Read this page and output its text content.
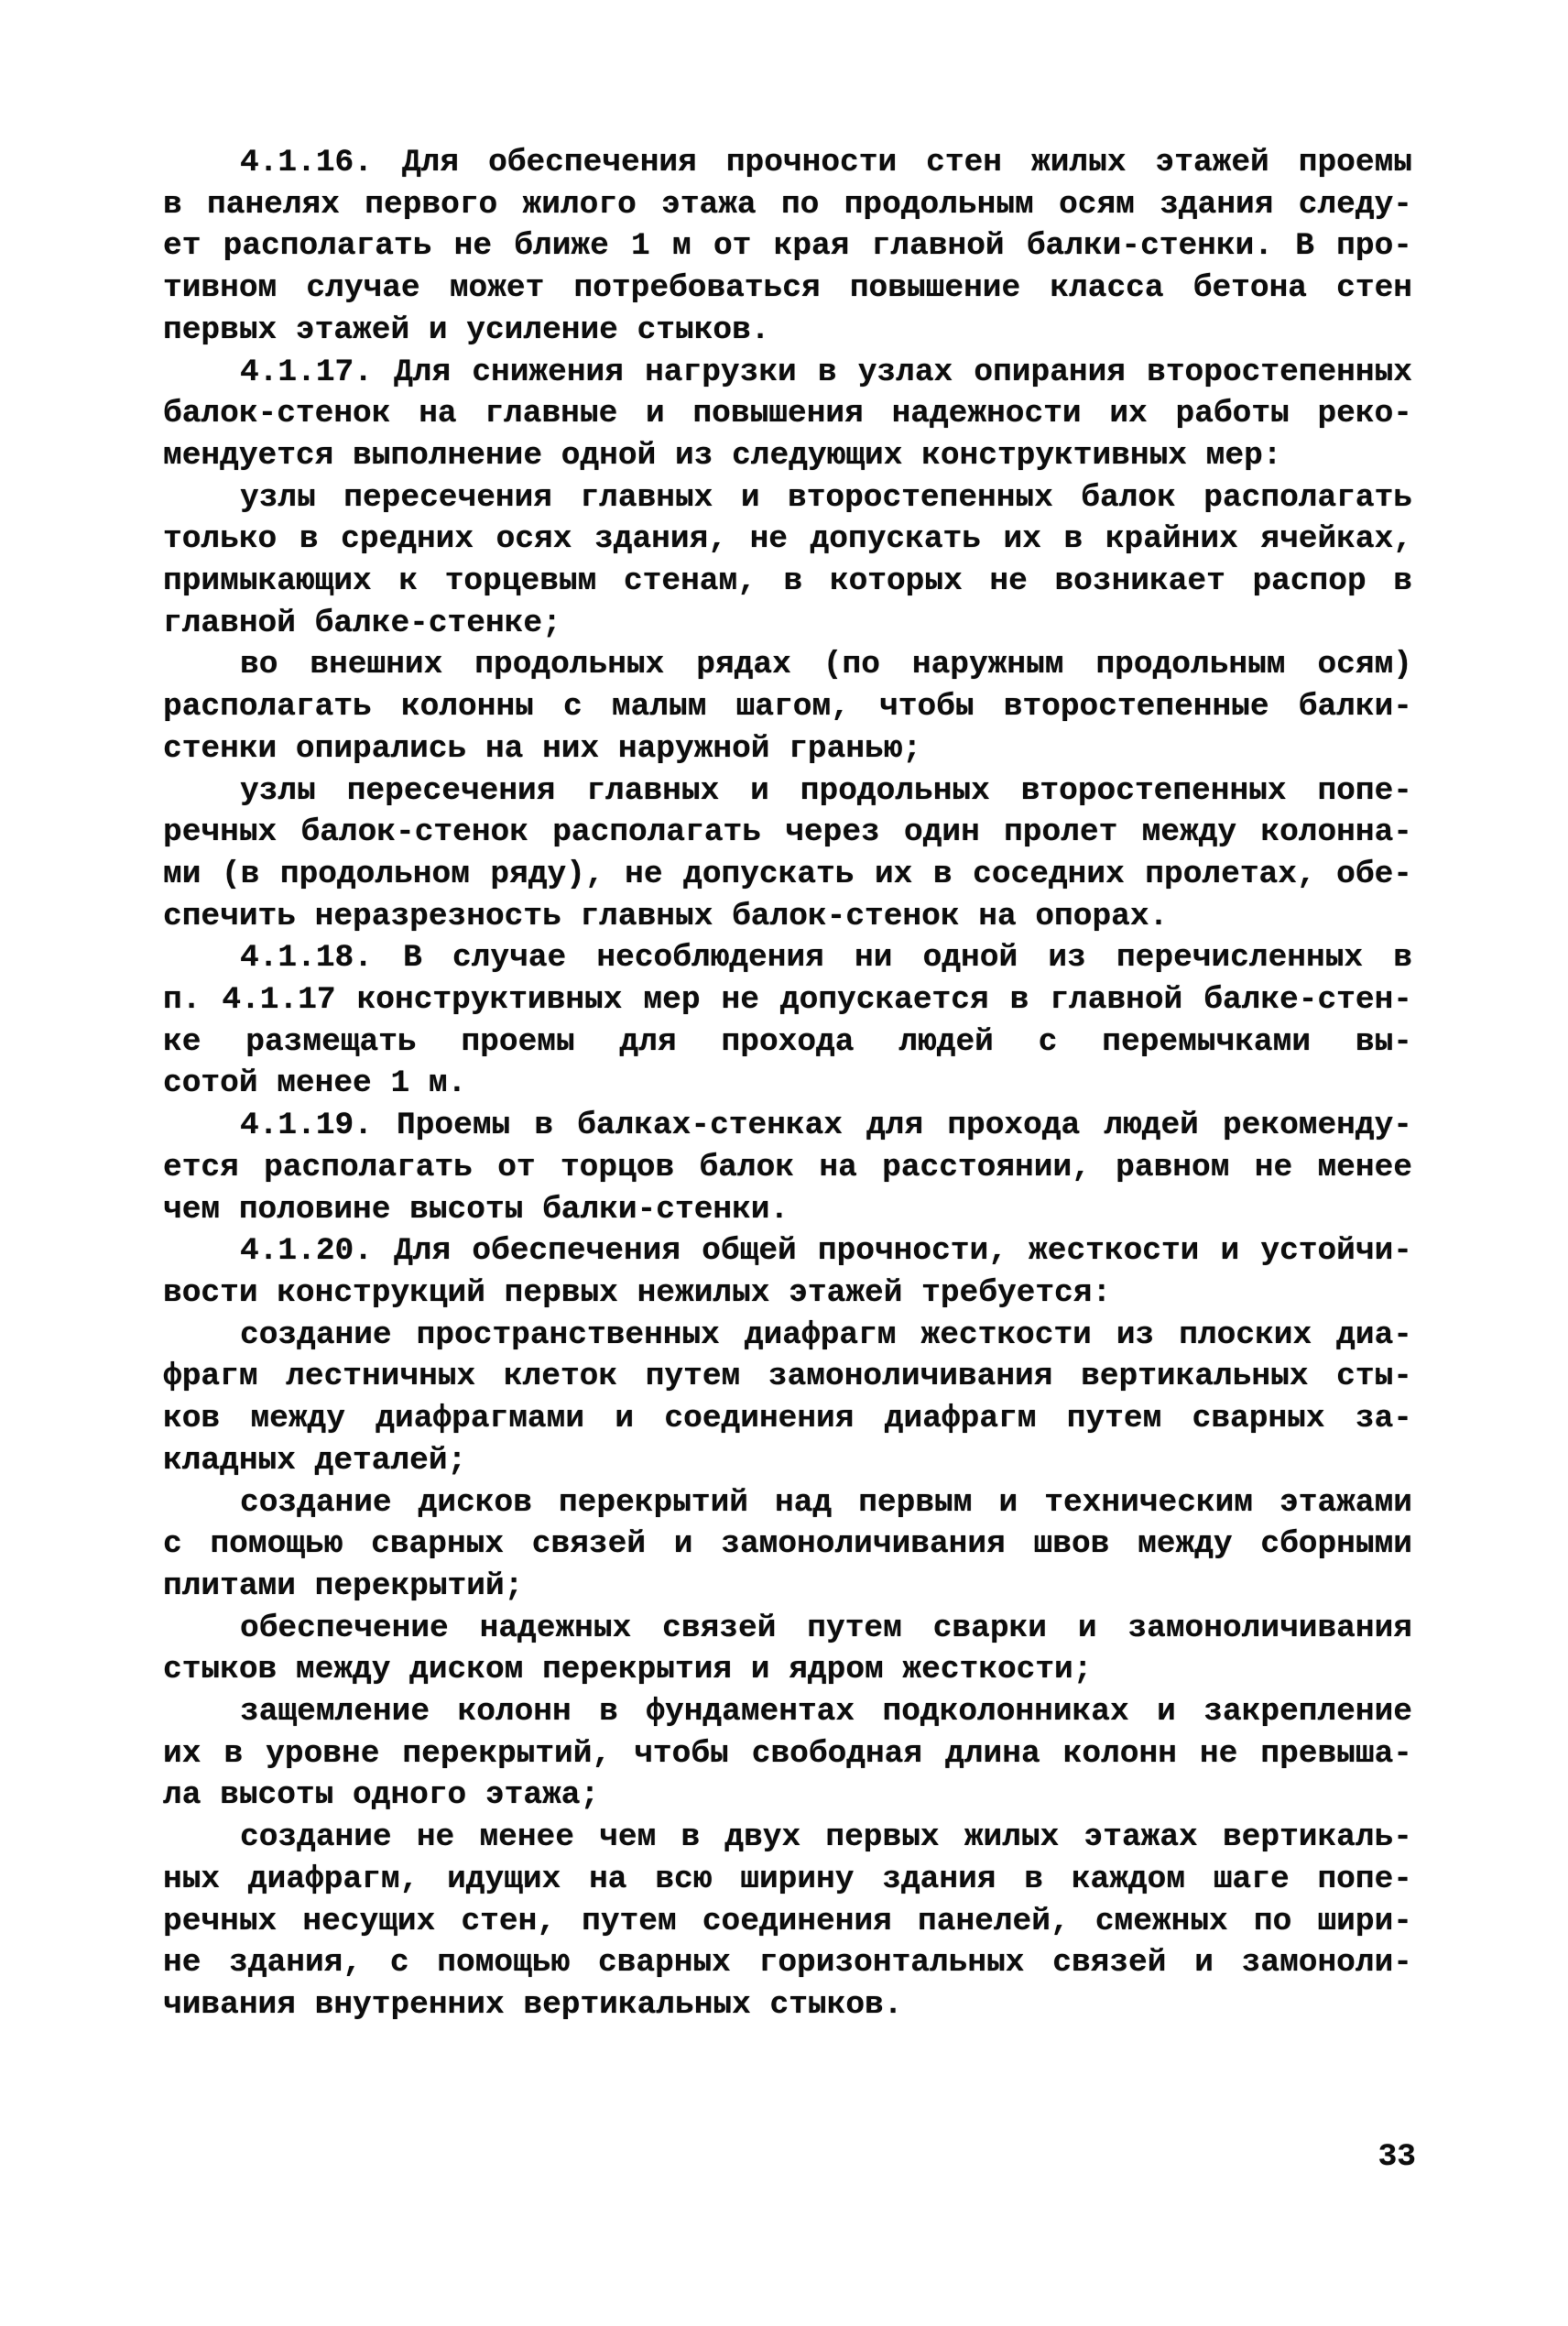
4.1.16. Для обеспечения прочности стен жилых этажей проемы
в панелях первого жилого этажа по продольным осям здания следу-
ет располагать не ближе 1 м от края главной балки-стенки. В про-
тивном случае может потребоваться повышение класса бетона стен
первых этажей и усиление стыков.
4.1.17. Для снижения нагрузки в узлах опирания второстепенных
балок-стенок на главные и повышения надежности их работы реко-
мендуется выполнение одной из следующих конструктивных мер:
узлы пересечения главных и второстепенных балок располагать
только в средних осях здания, не допускать их в крайних ячейках,
примыкающих к торцевым стенам, в которых не возникает распор в
главной балке-стенке;
во внешних продольных рядах (по наружным продольным осям)
располагать колонны с малым шагом, чтобы второстепенные балки-
стенки опирались на них наружной гранью;
узлы пересечения главных и продольных второстепенных попе-
речных балок-стенок располагать через один пролет между колонна-
ми (в продольном ряду), не допускать их в соседних пролетах, обе-
спечить неразрезность главных балок-стенок на опорах.
4.1.18. В случае несоблюдения ни одной из перечисленных в
п. 4.1.17 конструктивных мер не допускается в главной балке-стен-
ке размещать проемы для прохода людей с перемычками вы-
сотой менее 1 м.
4.1.19. Проемы в балках-стенках для прохода людей рекоменду-
ется располагать от торцов балок на расстоянии, равном не менее
чем половине высоты балки-стенки.
4.1.20. Для обеспечения общей прочности, жесткости и устойчи-
вости конструкций первых нежилых этажей требуется:
создание пространственных диафрагм жесткости из плоских диа-
фрагм лестничных клеток путем замоноличивания вертикальных сты-
ков между диафрагмами и соединения диафрагм путем сварных за-
кладных деталей;
создание дисков перекрытий над первым и техническим этажами
с помощью сварных связей и замоноличивания швов между сборными
плитами перекрытий;
обеспечение надежных связей путем сварки и замоноличивания
стыков между диском перекрытия и ядром жесткости;
защемление колонн в фундаментах подколонниках и закрепление
их в уровне перекрытий, чтобы свободная длина колонн не превыша-
ла высоты одного этажа;
создание не менее чем в двух первых жилых этажах вертикаль-
ных диафрагм, идущих на всю ширину здания в каждом шаге попе-
речных несущих стен, путем соединения панелей, смежных по шири-
не здания, с помощью сварных горизонтальных связей и замоноли-
чивания внутренних вертикальных стыков.
33
